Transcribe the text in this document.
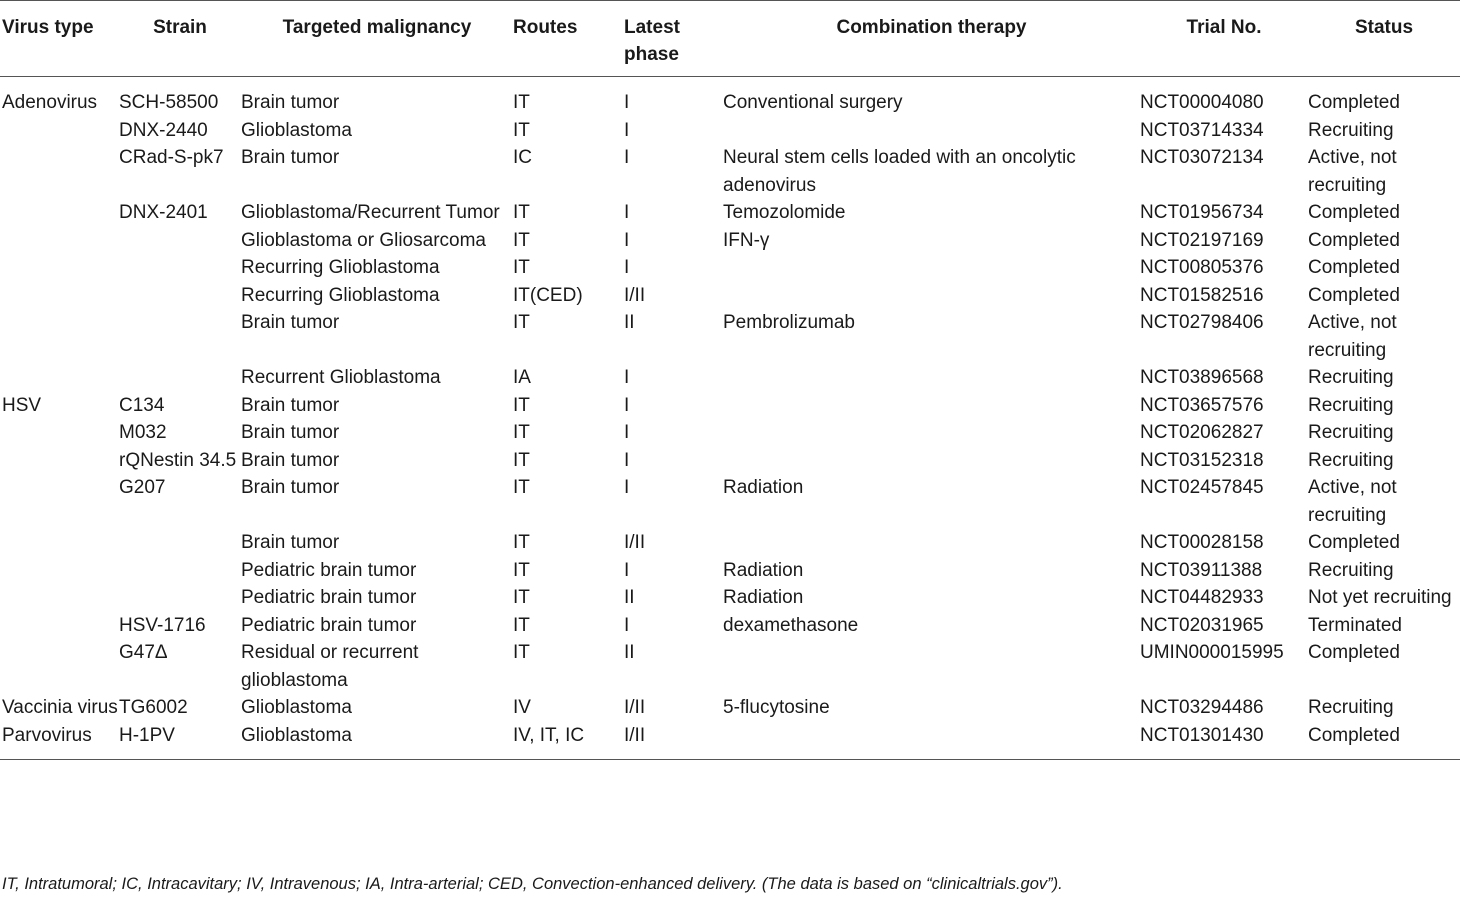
Virus type	Strain	Targeted malignancy	Routes	Latest phase	Combination therapy	Trial No.	Status
Adenovirus	SCH-58500	Brain tumor	IT	I	Conventional surgery	NCT00004080	Completed
	DNX-2440	Glioblastoma	IT	I		NCT03714334	Recruiting
	CRad-S-pk7	Brain tumor	IC	I	Neural stem cells loaded with an oncolytic adenovirus	NCT03072134	Active, not recruiting
	DNX-2401	Glioblastoma/Recurrent Tumor	IT	I	Temozolomide	NCT01956734	Completed
		Glioblastoma or Gliosarcoma	IT	I	IFN-γ	NCT02197169	Completed
		Recurring Glioblastoma	IT	I		NCT00805376	Completed
		Recurring Glioblastoma	IT(CED)	I/II		NCT01582516	Completed
		Brain tumor	IT	II	Pembrolizumab	NCT02798406	Active, not recruiting
		Recurrent Glioblastoma	IA	I		NCT03896568	Recruiting
HSV	C134	Brain tumor	IT	I		NCT03657576	Recruiting
	M032	Brain tumor	IT	I		NCT02062827	Recruiting
	rQNestin 34.5	Brain tumor	IT	I		NCT03152318	Recruiting
	G207	Brain tumor	IT	I	Radiation	NCT02457845	Active, not recruiting
		Brain tumor	IT	I/II		NCT00028158	Completed
		Pediatric brain tumor	IT	I	Radiation	NCT03911388	Recruiting
		Pediatric brain tumor	IT	II	Radiation	NCT04482933	Not yet recruiting
	HSV-1716	Pediatric brain tumor	IT	I	dexamethasone	NCT02031965	Terminated
	G47Δ	Residual or recurrent glioblastoma	IT	II		UMIN000015995	Completed
Vaccinia virus	TG6002	Glioblastoma	IV	I/II	5-flucytosine	NCT03294486	Recruiting
Parvovirus	H-1PV	Glioblastoma	IV, IT, IC	I/II		NCT01301430	Completed
IT, Intratumoral; IC, Intracavitary; IV, Intravenous; IA, Intra-arterial; CED, Convection-enhanced delivery. (The data is based on “clinicaltrials.gov”).
